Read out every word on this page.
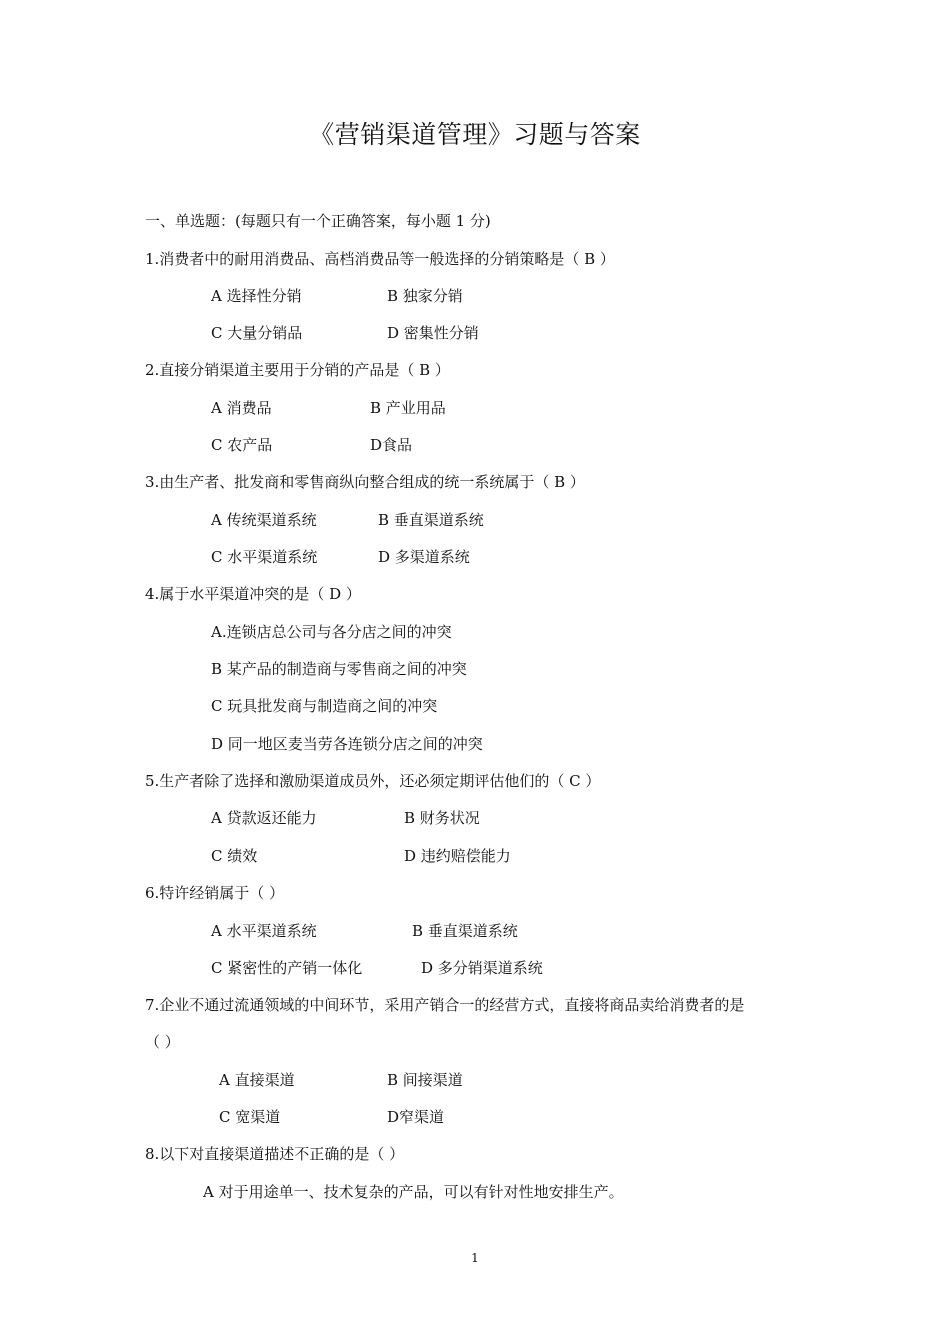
《营销渠道管理》习题与答案
一、单选题：(每题只有一个正确答案，每小题 1 分)
1.消费者中的耐用消费品、高档消费品等一般选择的分销策略是（ B ）
A 选择性分销	B 独家分销
C 大量分销品	D 密集性分销
2.直接分销渠道主要用于分销的产品是（ B ）
A 消费品	B 产业用品
C 农产品	D食品
3.由生产者、批发商和零售商纵向整合组成的统一系统属于（ B ）
A 传统渠道系统	B 垂直渠道系统
C 水平渠道系统	D 多渠道系统
4.属于水平渠道冲突的是（ D ）
A.连锁店总公司与各分店之间的冲突
B 某产品的制造商与零售商之间的冲突
C 玩具批发商与制造商之间的冲突
D 同一地区麦当劳各连锁分店之间的冲突
5.生产者除了选择和激励渠道成员外，还必须定期评估他们的（ C ）
A 贷款返还能力	B 财务状况
C 绩效	D 违约赔偿能力
6.特许经销属于（ ）
A 水平渠道系统	B 垂直渠道系统
C 紧密性的产销一体化	D 多分销渠道系统
7.企业不通过流通领域的中间环节，采用产销合一的经营方式，直接将商品卖给消费者的是
（ ）
A 直接渠道	B 间接渠道
C 宽渠道	D窄渠道
8.以下对直接渠道描述不正确的是（ ）
A 对于用途单一、技术复杂的产品，可以有针对性地安排生产。
1
